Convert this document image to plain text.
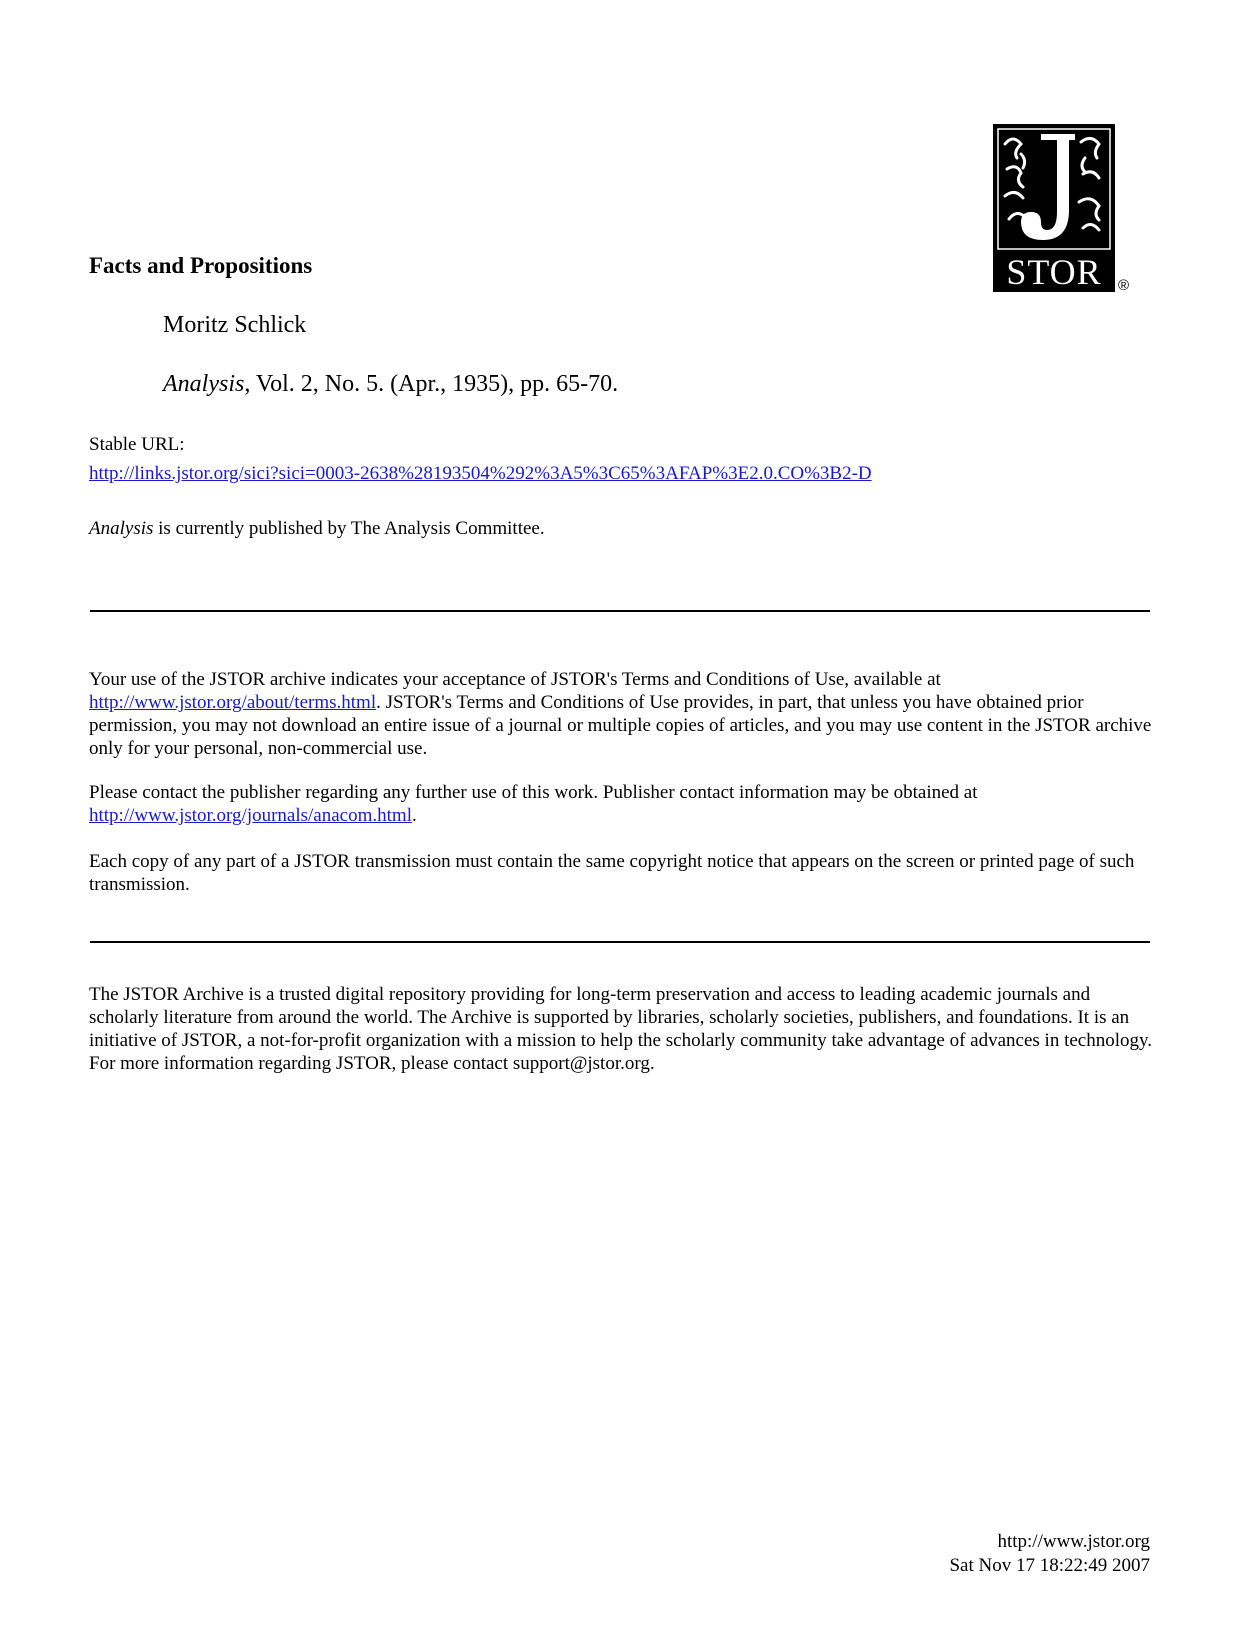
STOR ®
Facts and Propositions
Moritz Schlick
Analysis, Vol. 2, No. 5. (Apr., 1935), pp. 65-70.
Stable URL:
http://links.jstor.org/sici?sici=0003-2638%28193504%292%3A5%3C65%3AFAP%3E2.0.CO%3B2-D
Analysis is currently published by The Analysis Committee.
Your use of the JSTOR archive indicates your acceptance of JSTOR's Terms and Conditions of Use, available at http://www.jstor.org/about/terms.html. JSTOR's Terms and Conditions of Use provides, in part, that unless you have obtained prior permission, you may not download an entire issue of a journal or multiple copies of articles, and you may use content in the JSTOR archive only for your personal, non-commercial use.
Please contact the publisher regarding any further use of this work. Publisher contact information may be obtained at http://www.jstor.org/journals/anacom.html.
Each copy of any part of a JSTOR transmission must contain the same copyright notice that appears on the screen or printed page of such transmission.
The JSTOR Archive is a trusted digital repository providing for long-term preservation and access to leading academic journals and scholarly literature from around the world. The Archive is supported by libraries, scholarly societies, publishers, and foundations. It is an initiative of JSTOR, a not-for-profit organization with a mission to help the scholarly community take advantage of advances in technology. For more information regarding JSTOR, please contact support@jstor.org.
http://www.jstor.org
Sat Nov 17 18:22:49 2007
